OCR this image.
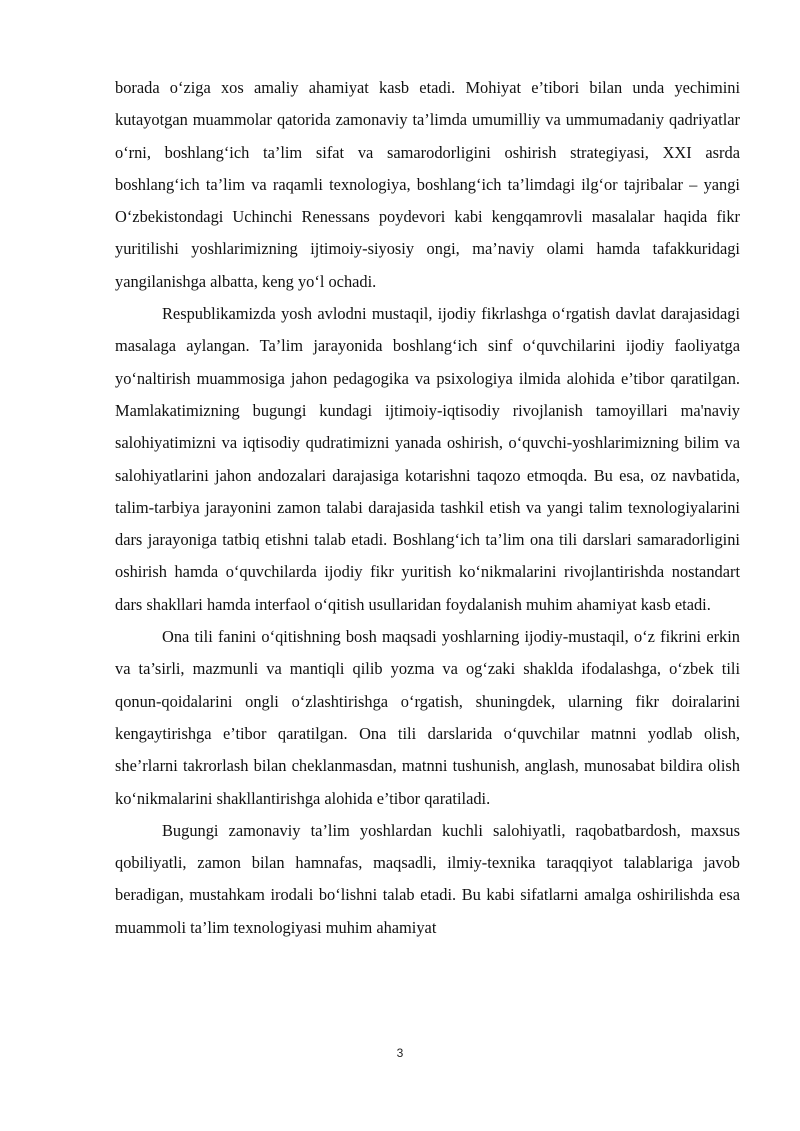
borada o‘ziga xos amaliy ahamiyat kasb etadi. Mohiyat e’tibori bilan unda yechimini kutayotgan muammolar qatorida zamonaviy ta’limda umumilliy va ummumadaniy qadriyatlar o‘rni, boshlang‘ich ta’lim sifat va samarodorligini oshirish strategiyasi, XXI asrda boshlang‘ich ta’lim va raqamli texnologiya, boshlang‘ich ta’limdagi ilg‘or tajribalar – yangi O‘zbekistondagi Uchinchi Renessans poydevori kabi kengqamrovli masalalar haqida fikr yuritilishi yoshlarimizning ijtimoiy-siyosiy ongi, ma’naviy olami hamda tafakkuridagi yangilanishga albatta, keng yo‘l ochadi.

Respublikamizda yosh avlodni mustaqil, ijodiy fikrlashga o‘rgatish davlat darajasidagi masalaga aylangan. Ta’lim jarayonida boshlang‘ich sinf o‘quvchilarini ijodiy faoliyatga yo‘naltirish muammosiga jahon pedagogika va psixologiya ilmida alohida e’tibor qaratilgan. Mamlakatimizning bugungi kundagi ijtimoiy-iqtisodiy rivojlanish tamoyillari ma'naviy salohiyatimizni va iqtisodiy qudratimizni yanada oshirish, o‘quvchi-yoshlarimizning bilim va salohiyatlarini jahon andozalari darajasiga kotarishni taqozo etmoqda. Bu esa, oz navbatida, talim-tarbiya jarayonini zamon talabi darajasida tashkil etish va yangi talim texnologiyalarini dars jarayoniga tatbiq etishni talab etadi. Boshlang‘ich ta’lim ona tili darslari samaradorligini oshirish hamda o‘quvchilarda ijodiy fikr yuritish ko‘nikmalarini rivojlantirishda nostandart dars shakllari hamda interfaol o‘qitish usullaridan foydalanish muhim ahamiyat kasb etadi.

Ona tili fanini o‘qitishning bosh maqsadi yoshlarning ijodiy-mustaqil, o‘z fikrini erkin va ta’sirli, mazmunli va mantiqli qilib yozma va og‘zaki shaklda ifodalashga, o‘zbek tili qonun-qoidalarini ongli o‘zlashtirishga o‘rgatish, shuningdek, ularning fikr doiralarini kengaytirishga e’tibor qaratilgan. Ona tili darslarida o‘quvchilar matnni yodlab olish, she’rlarni takrorlash bilan cheklanmasdan, matnni tushunish, anglash, munosabat bildira olish ko‘nikmalarini shakllantirishga alohida e’tibor qaratiladi.

Bugungi zamonaviy ta’lim yoshlardan kuchli salohiyatli, raqobatbardosh, maxsus qobiliyatli, zamon bilan hamnafas, maqsadli, ilmiy-texnika taraqqiyot talablariga javob beradigan, mustahkam irodali bo‘lishni talab etadi. Bu kabi sifatlarni amalga oshirilishda esa muammoli ta’lim texnologiyasi muhim ahamiyat

3
